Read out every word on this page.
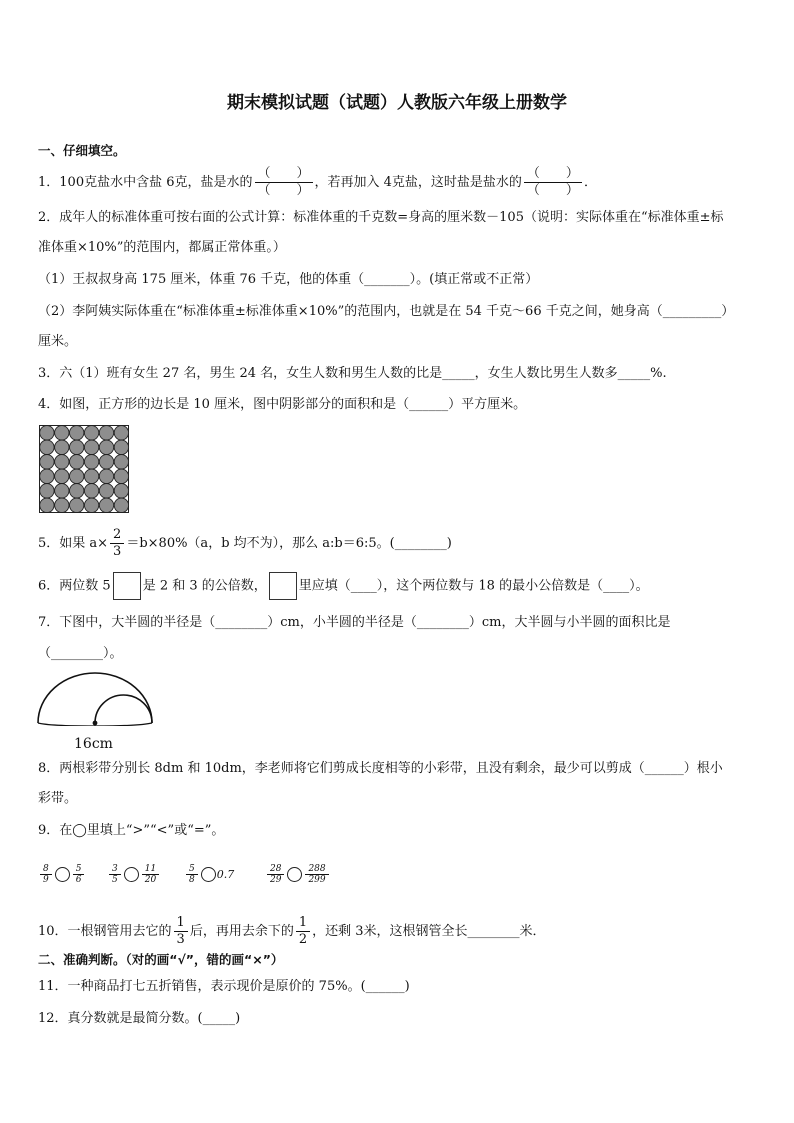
期末模拟试题（试题）人教版六年级上册数学
一、仔细填空。
1．100克盐水中含盐 6克，盐是水的 $\frac{( )}{( )}$ ，若再加入 4克盐，这时盐是盐水的 $\frac{( )}{( )}$ ．
2．成年人的标准体重可按右面的公式计算：标准体重的千克数=身高的厘米数－105（说明：实际体重在“标准体重±标
准体重×10%”的范围内，都属正常体重。）
（1）王叔叔身高 175 厘米，体重 76 千克，他的体重（_______）。(填正常或不正常）
（2）李阿姨实际体重在“标准体重±标准体重×10%”的范围内，也就是在 54 千克～66 千克之间，她身高（_________）
厘米。
3．六（1）班有女生 27 名，男生 24 名，女生人数和男生人数的比是_____，女生人数比男生人数多_____%.
4．如图，正方形的边长是 10 厘米，图中阴影部分的面积和是（______）平方厘米。
5．如果 $a\times \frac{2}{3} =b\times 80\%(a$，b 均不为），那么 a:b＝6:5。(________)
6．两位数 5 是 2 和 3 的公倍数， 里应填（____），这个两位数与 18 的最小公倍数是（____）。
7．下图中，大半圆的半径是（________）cm，小半圆的半径是（________）cm，大半圆与小半圆的面积比是
（________）。
16cm
8．两根彩带分别长 8dm 和 10dm，李老师将它们剪成长度相等的小彩带，且没有剩余，最少可以剪成（______）根小
彩带。
9．在◯里填上“>”“<”或“=”。
$\frac{8}{9} \frac{5}{6}$	$\frac{3}{5} \frac{11}{20}$	$\frac{5}{8} 0.7$	$\frac{28}{29} \frac{288}{299}$
10．一根钢管用去它的 $\frac{1}{3}$ 后，再用去余下的 $\frac{1}{2}$ ，还剩 3米，这根钢管全长________米．
二、准确判断。（对的画“√”，错的画“×”）
11．一种商品打七五折销售，表示现价是原价的 75%。(______)
12．真分数就是最简分数。(_____)
